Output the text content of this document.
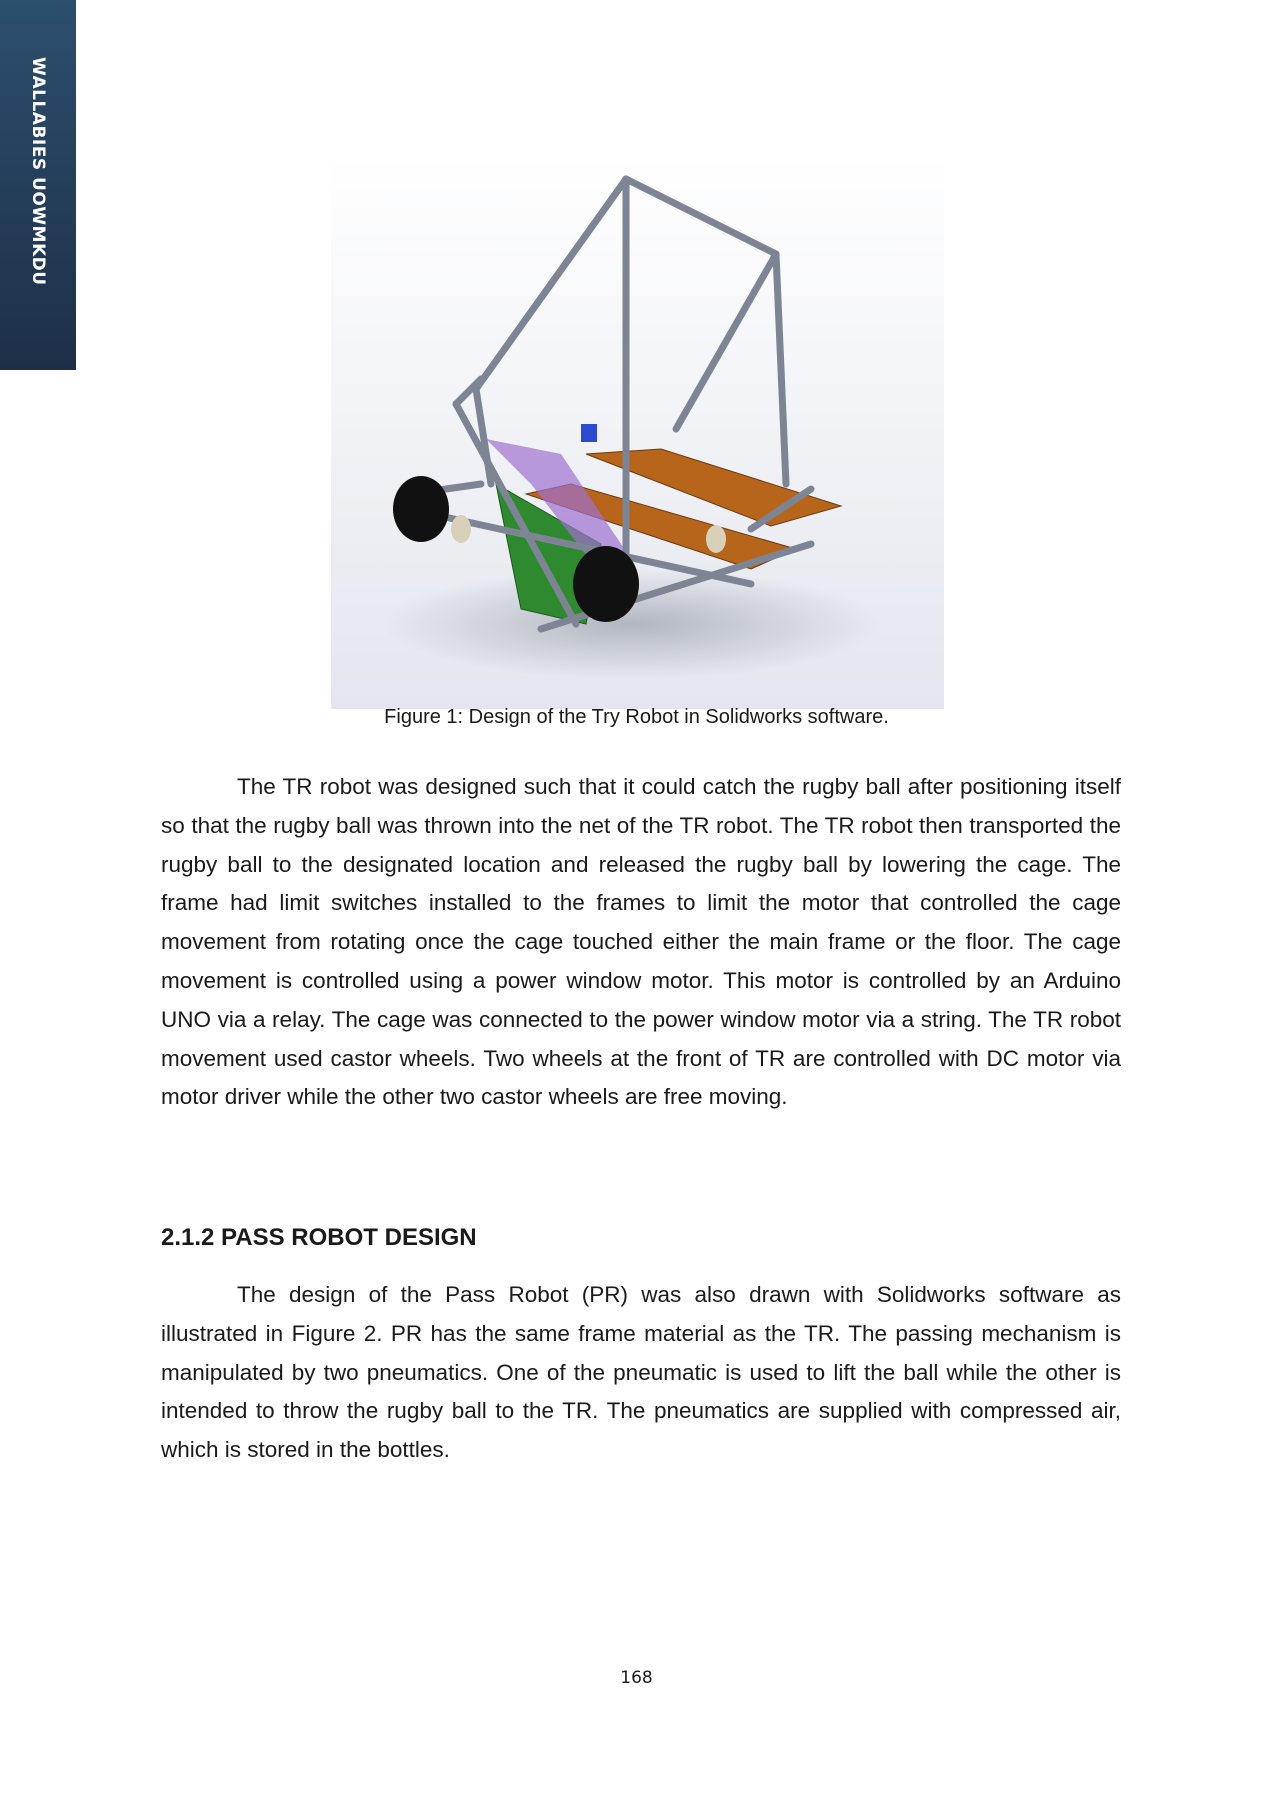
WALLABIES UOWMKDU
Figure 1: Design of the Try Robot in Solidworks software.
The TR robot was designed such that it could catch the rugby ball after positioning itself so that the rugby ball was thrown into the net of the TR robot. The TR robot then transported the rugby ball to the designated location and released the rugby ball by lowering the cage. The frame had limit switches installed to the frames to limit the motor that controlled the cage movement from rotating once the cage touched either the main frame or the floor. The cage movement is controlled using a power window motor. This motor is controlled by an Arduino UNO via a relay. The cage was connected to the power window motor via a string. The TR robot movement used castor wheels. Two wheels at the front of TR are controlled with DC motor via motor driver while the other two castor wheels are free moving.
2.1.2 PASS ROBOT DESIGN
The design of the Pass Robot (PR) was also drawn with Solidworks software as illustrated in Figure 2. PR has the same frame material as the TR. The passing mechanism is manipulated by two pneumatics. One of the pneumatic is used to lift the ball while the other is intended to throw the rugby ball to the TR. The pneumatics are supplied with compressed air, which is stored in the bottles.
168
